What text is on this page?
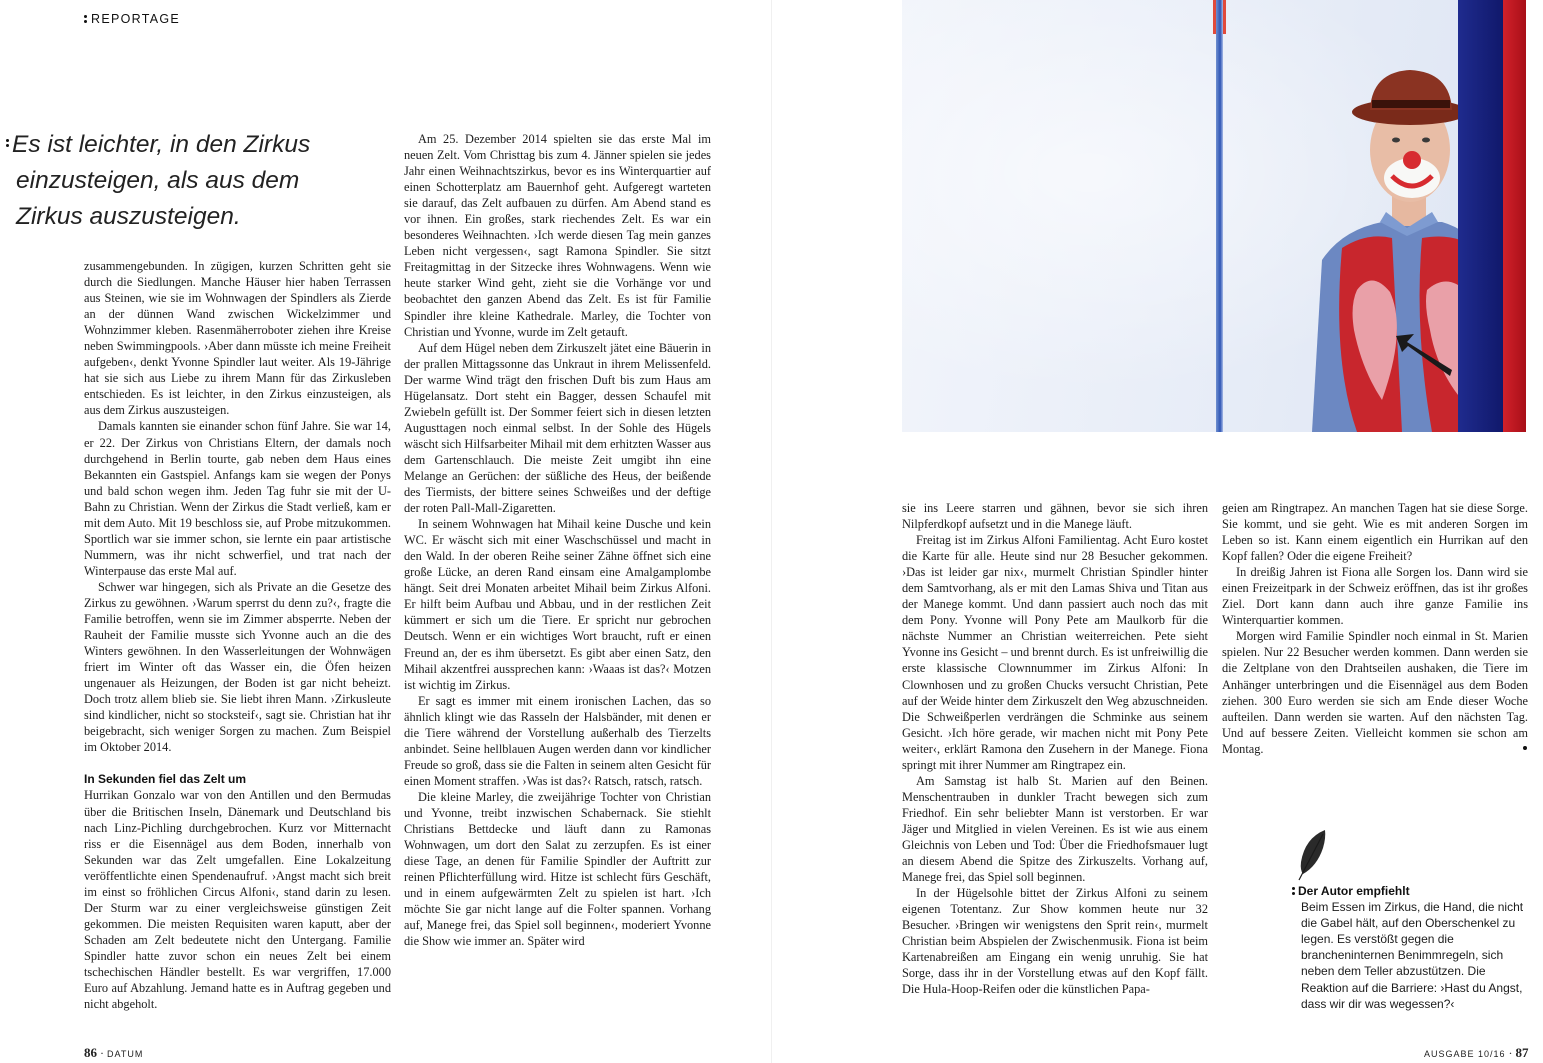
REPORTAGE
Es ist leichter, in den Zirkus
einzusteigen, als aus dem
Zirkus auszusteigen.

zusammengebunden. In zügigen, kurzen Schritten geht sie durch die Siedlungen. Manche Häuser hier haben Terrassen aus Steinen, wie sie im Wohnwagen der Spindlers als Zierde an der dünnen Wand zwischen Wickelzimmer und Wohnzimmer kleben. Rasenmäherroboter ziehen ihre Kreise neben Swimmingpools. ›Aber dann müsste ich meine Freiheit aufgeben‹, denkt Yvonne Spindler laut weiter. Als 19-Jährige hat sie sich aus Liebe zu ihrem Mann für das Zirkusleben entschieden. Es ist leichter, in den Zirkus einzusteigen, als aus dem Zirkus auszusteigen.

Damals kannten sie einander schon fünf Jahre. Sie war 14, er 22. Der Zirkus von Christians Eltern, der damals noch durchgehend in Berlin tourte, gab neben dem Haus eines Bekannten ein Gastspiel. Anfangs kam sie wegen der Ponys und bald schon wegen ihm. Jeden Tag fuhr sie mit der U-Bahn zu Christian. Wenn der Zirkus die Stadt verließ, kam er mit dem Auto. Mit 19 beschloss sie, auf Probe mitzukommen. Sportlich war sie immer schon, sie lernte ein paar artistische Nummern, was ihr nicht schwerfiel, und trat nach der Winterpause das erste Mal auf.

Schwer war hingegen, sich als Private an die Gesetze des Zirkus zu gewöhnen. ›Warum sperrst du denn zu?‹, fragte die Familie betroffen, wenn sie im Zimmer absperrte. Neben der Rauheit der Familie musste sich Yvonne auch an die des Winters gewöhnen. In den Wasserleitungen der Wohnwägen friert im Winter oft das Wasser ein, die Öfen heizen ungenauer als Heizungen, der Boden ist gar nicht beheizt. Doch trotz allem blieb sie. Sie liebt ihren Mann. ›Zirkusleute sind kindlicher, nicht so stocksteif‹, sagt sie. Christian hat ihr beigebracht, sich weniger Sorgen zu machen. Zum Beispiel im Oktober 2014.

In Sekunden fiel das Zelt um

Hurrikan Gonzalo war von den Antillen und den Bermudas über die Britischen Inseln, Dänemark und Deutschland bis nach Linz-Pichling durchgebrochen. Kurz vor Mitternacht riss er die Eisennägel aus dem Boden, innerhalb von Sekunden war das Zelt umgefallen. Eine Lokalzeitung veröffentlichte einen Spendenaufruf. ›Angst macht sich breit im einst so fröhlichen Circus Alfoni‹, stand darin zu lesen. Der Sturm war zu einer vergleichsweise günstigen Zeit gekommen. Die meisten Requisiten waren kaputt, aber der Schaden am Zelt bedeutete nicht den Untergang. Familie Spindler hatte zuvor schon ein neues Zelt bei einem tschechischen Händler bestellt. Es war vergriffen, 17.000 Euro auf Abzahlung. Jemand hatte es in Auftrag gegeben und nicht abgeholt.

Am 25. Dezember 2014 spielten sie das erste Mal im neuen Zelt. Vom Christtag bis zum 4. Jänner spielen sie jedes Jahr einen Weihnachtszirkus, bevor es ins Winterquartier auf einen Schotterplatz am Bauernhof geht. Aufgeregt warteten sie darauf, das Zelt aufbauen zu dürfen. Am Abend stand es vor ihnen. Ein großes, stark riechendes Zelt. Es war ein besonderes Weihnachten. ›Ich werde diesen Tag mein ganzes Leben nicht vergessen‹, sagt Ramona Spindler. Sie sitzt Freitagmittag in der Sitzecke ihres Wohnwagens. Wenn wie heute starker Wind geht, zieht sie die Vorhänge vor und beobachtet den ganzen Abend das Zelt. Es ist für Familie Spindler ihre kleine Kathedrale. Marley, die Tochter von Christian und Yvonne, wurde im Zelt getauft.

Auf dem Hügel neben dem Zirkuszelt jätet eine Bäuerin in der prallen Mittagssonne das Unkraut in ihrem Melissenfeld. Der warme Wind trägt den frischen Duft bis zum Haus am Hügelansatz. Dort steht ein Bagger, dessen Schaufel mit Zwiebeln gefüllt ist. Der Sommer feiert sich in diesen letzten Augusttagen noch einmal selbst. In der Sohle des Hügels wäscht sich Hilfsarbeiter Mihail mit dem erhitzten Wasser aus dem Gartenschlauch. Die meiste Zeit umgibt ihn eine Melange an Gerüchen: der süßliche des Heus, der beißende des Tiermists, der bittere seines Schweißes und der deftige der roten Pall-Mall-Zigaretten.

In seinem Wohnwagen hat Mihail keine Dusche und kein WC. Er wäscht sich mit einer Waschschüssel und macht in den Wald. In der oberen Reihe seiner Zähne öffnet sich eine große Lücke, an deren Rand einsam eine Amalgamplombe hängt. Seit drei Monaten arbeitet Mihail beim Zirkus Alfoni. Er hilft beim Aufbau und Abbau, und in der restlichen Zeit kümmert er sich um die Tiere. Er spricht nur gebrochen Deutsch. Wenn er ein wichtiges Wort braucht, ruft er einen Freund an, der es ihm übersetzt. Es gibt aber einen Satz, den Mihail akzentfrei aussprechen kann: ›Waaas ist das?‹ Motzen ist wichtig im Zirkus.

Er sagt es immer mit einem ironischen Lachen, das so ähnlich klingt wie das Rasseln der Halsbänder, mit denen er die Tiere während der Vorstellung außerhalb des Tierzelts anbindet. Seine hellblauen Augen werden dann vor kindlicher Freude so groß, dass sie die Falten in seinem alten Gesicht für einen Moment straffen. ›Was ist das?‹ Ratsch, ratsch, ratsch.

Die kleine Marley, die zweijährige Tochter von Christian und Yvonne, treibt inzwischen Schabernack. Sie stiehlt Christians Bettdecke und läuft dann zu Ramonas Wohnwagen, um dort den Salat zu zerzupfen. Es ist einer diese Tage, an denen für Familie Spindler der Auftritt zur reinen Pflichterfüllung wird. Hitze ist schlecht fürs Geschäft, und in einem aufgewärmten Zelt zu spielen ist hart. ›Ich möchte Sie gar nicht lange auf die Folter spannen. Vorhang auf, Manege frei, das Spiel soll beginnen‹, moderiert Yvonne die Show wie immer an. Später wird

sie ins Leere starren und gähnen, bevor sie sich ihren Nilpferdkopf aufsetzt und in die Manege läuft.

Freitag ist im Zirkus Alfoni Familientag. Acht Euro kostet die Karte für alle. Heute sind nur 28 Besucher gekommen. ›Das ist leider gar nix‹, murmelt Christian Spindler hinter dem Samtvorhang, als er mit den Lamas Shiva und Titan aus der Manege kommt. Und dann passiert auch noch das mit dem Pony. Yvonne will Pony Pete am Maulkorb für die nächste Nummer an Christian weiterreichen. Pete sieht Yvonne ins Gesicht – und brennt durch. Es ist unfreiwillig die erste klassische Clownnummer im Zirkus Alfoni: In Clownhosen und zu großen Chucks versucht Christian, Pete auf der Weide hinter dem Zirkuszelt den Weg abzuschneiden. Die Schweißperlen verdrängen die Schminke aus seinem Gesicht. ›Ich höre gerade, wir machen nicht mit Pony Pete weiter‹, erklärt Ramona den Zusehern in der Manege. Fiona springt mit ihrer Nummer am Ringtrapez ein.

Am Samstag ist halb St. Marien auf den Beinen. Menschentrauben in dunkler Tracht bewegen sich zum Friedhof. Ein sehr beliebter Mann ist verstorben. Er war Jäger und Mitglied in vielen Vereinen. Es ist wie aus einem Gleichnis von Leben und Tod: Über die Friedhofsmauer lugt an diesem Abend die Spitze des Zirkuszelts. Vorhang auf, Manege frei, das Spiel soll beginnen.

In der Hügelsohle bittet der Zirkus Alfoni zu seinem eigenen Totentanz. Zur Show kommen heute nur 32 Besucher. ›Bringen wir wenigstens den Sprit rein‹, murmelt Christian beim Abspielen der Zwischenmusik. Fiona ist beim Kartenabreißen am Eingang ein wenig unruhig. Sie hat Sorge, dass ihr in der Vorstellung etwas auf den Kopf fällt. Die Hula-Hoop-Reifen oder die künstlichen Papa-

geien am Ringtrapez. An manchen Tagen hat sie diese Sorge. Sie kommt, und sie geht. Wie es mit anderen Sorgen im Leben so ist. Kann einem eigentlich ein Hurrikan auf den Kopf fallen? Oder die eigene Freiheit?

In dreißig Jahren ist Fiona alle Sorgen los. Dann wird sie einen Freizeitpark in der Schweiz eröffnen, das ist ihr großes Ziel. Dort kann dann auch ihre ganze Familie ins Winterquartier kommen.

Morgen wird Familie Spindler noch einmal in St. Marien spielen. Nur 22 Besucher werden kommen. Dann werden sie die Zeltplane von den Drahtseilen aushaken, die Tiere im Anhänger unterbringen und die Eisennägel aus dem Boden ziehen. 300 Euro werden sie sich am Ende dieser Woche aufteilen. Dann werden sie warten. Auf den nächsten Tag. Und auf bessere Zeiten. Vielleicht kommen sie schon am Montag.

Der Autor empfiehlt
Beim Essen im Zirkus, die Hand, die nicht die Gabel hält, auf den Oberschenkel zu legen. Es verstößt gegen die brancheninternen Benimmregeln, sich neben dem Teller abzustützen. Die Reaktion auf die Barriere: ›Hast du Angst, dass wir dir was wegessen?‹
86 · DATUM	AUSGABE 10/16 · 87
